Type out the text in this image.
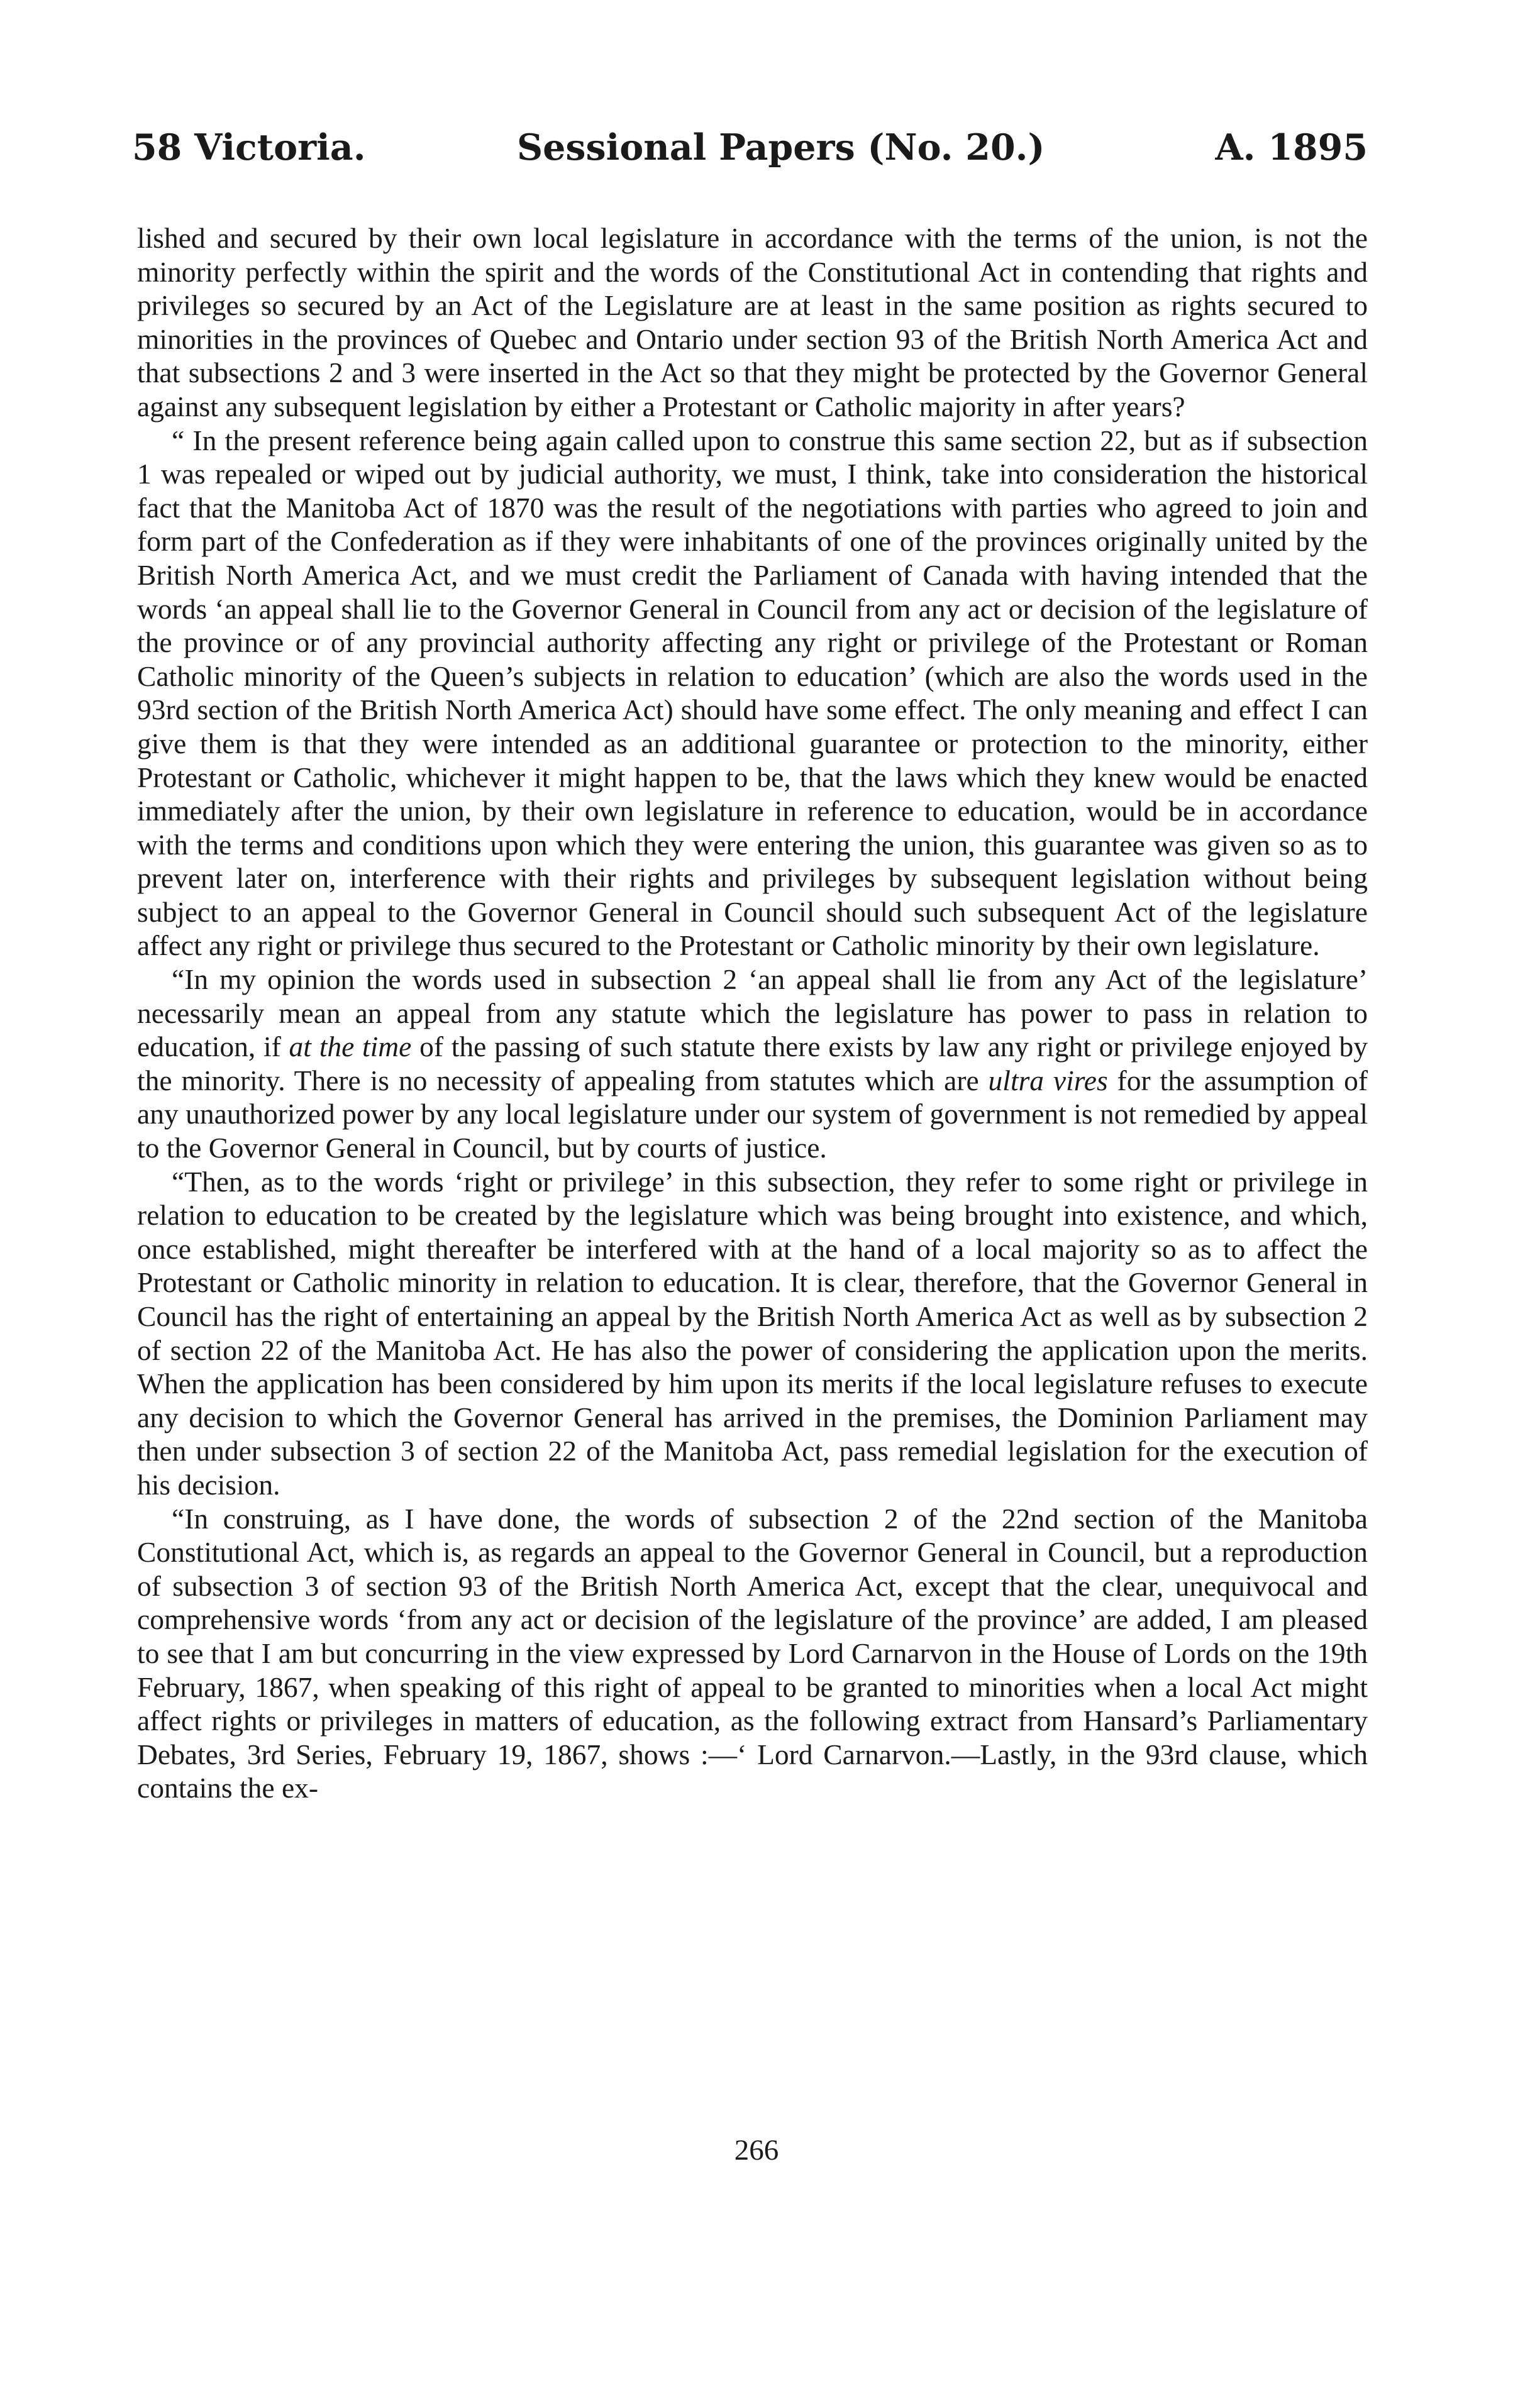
58 Victoria.	Sessional Papers (No. 20.)	A. 1895

lished and secured by their own local legislature in accordance with the terms of the union, is not the minority perfectly within the spirit and the words of the Constitutional Act in contending that rights and privileges so secured by an Act of the Legislature are at least in the same position as rights secured to minorities in the provinces of Quebec and Ontario under section 93 of the British North America Act and that subsections 2 and 3 were inserted in the Act so that they might be protected by the Governor General against any subsequent legislation by either a Protestant or Catholic majority in after years?

“ In the present reference being again called upon to construe this same section 22, but as if subsection 1 was repealed or wiped out by judicial authority, we must, I think, take into consideration the historical fact that the Manitoba Act of 1870 was the result of the negotiations with parties who agreed to join and form part of the Confederation as if they were inhabitants of one of the provinces originally united by the British North America Act, and we must credit the Parliament of Canada with having intended that the words ‘an appeal shall lie to the Governor General in Council from any act or decision of the legislature of the province or of any provincial authority affecting any right or privilege of the Protestant or Roman Catholic minority of the Queen’s subjects in relation to education’ (which are also the words used in the 93rd section of the British North America Act) should have some effect. The only meaning and effect I can give them is that they were intended as an additional guarantee or protection to the minority, either Protestant or Catholic, whichever it might happen to be, that the laws which they knew would be enacted immediately after the union, by their own legislature in reference to education, would be in accordance with the terms and conditions upon which they were entering the union, this guarantee was given so as to prevent later on, interference with their rights and privileges by subsequent legislation without being subject to an appeal to the Governor General in Council should such subsequent Act of the legislature affect any right or privilege thus secured to the Protestant or Catholic minority by their own legislature.

“In my opinion the words used in subsection 2 ‘an appeal shall lie from any Act of the legislature’ necessarily mean an appeal from any statute which the legislature has power to pass in relation to education, if at the time of the passing of such statute there exists by law any right or privilege enjoyed by the minority. There is no necessity of appealing from statutes which are ultra vires for the assumption of any unauthorized power by any local legislature under our system of government is not remedied by appeal to the Governor General in Council, but by courts of justice.

“Then, as to the words ‘right or privilege’ in this subsection, they refer to some right or privilege in relation to education to be created by the legislature which was being brought into existence, and which, once established, might thereafter be interfered with at the hand of a local majority so as to affect the Protestant or Catholic minority in relation to education. It is clear, therefore, that the Governor General in Council has the right of entertaining an appeal by the British North America Act as well as by subsection 2 of section 22 of the Manitoba Act. He has also the power of considering the application upon the merits. When the application has been considered by him upon its merits if the local legislature refuses to execute any decision to which the Governor General has arrived in the premises, the Dominion Parliament may then under subsection 3 of section 22 of the Manitoba Act, pass remedial legislation for the execution of his decision.

“In construing, as I have done, the words of subsection 2 of the 22nd section of the Manitoba Constitutional Act, which is, as regards an appeal to the Governor General in Council, but a reproduction of subsection 3 of section 93 of the British North America Act, except that the clear, unequivocal and comprehensive words ‘from any act or decision of the legislature of the province’ are added, I am pleased to see that I am but concurring in the view expressed by Lord Carnarvon in the House of Lords on the 19th February, 1867, when speaking of this right of appeal to be granted to minorities when a local Act might affect rights or privileges in matters of education, as the following extract from Hansard’s Parliamentary Debates, 3rd Series, February 19, 1867, shows :—‘ Lord Carnarvon.—Lastly, in the 93rd clause, which contains the ex-

266
